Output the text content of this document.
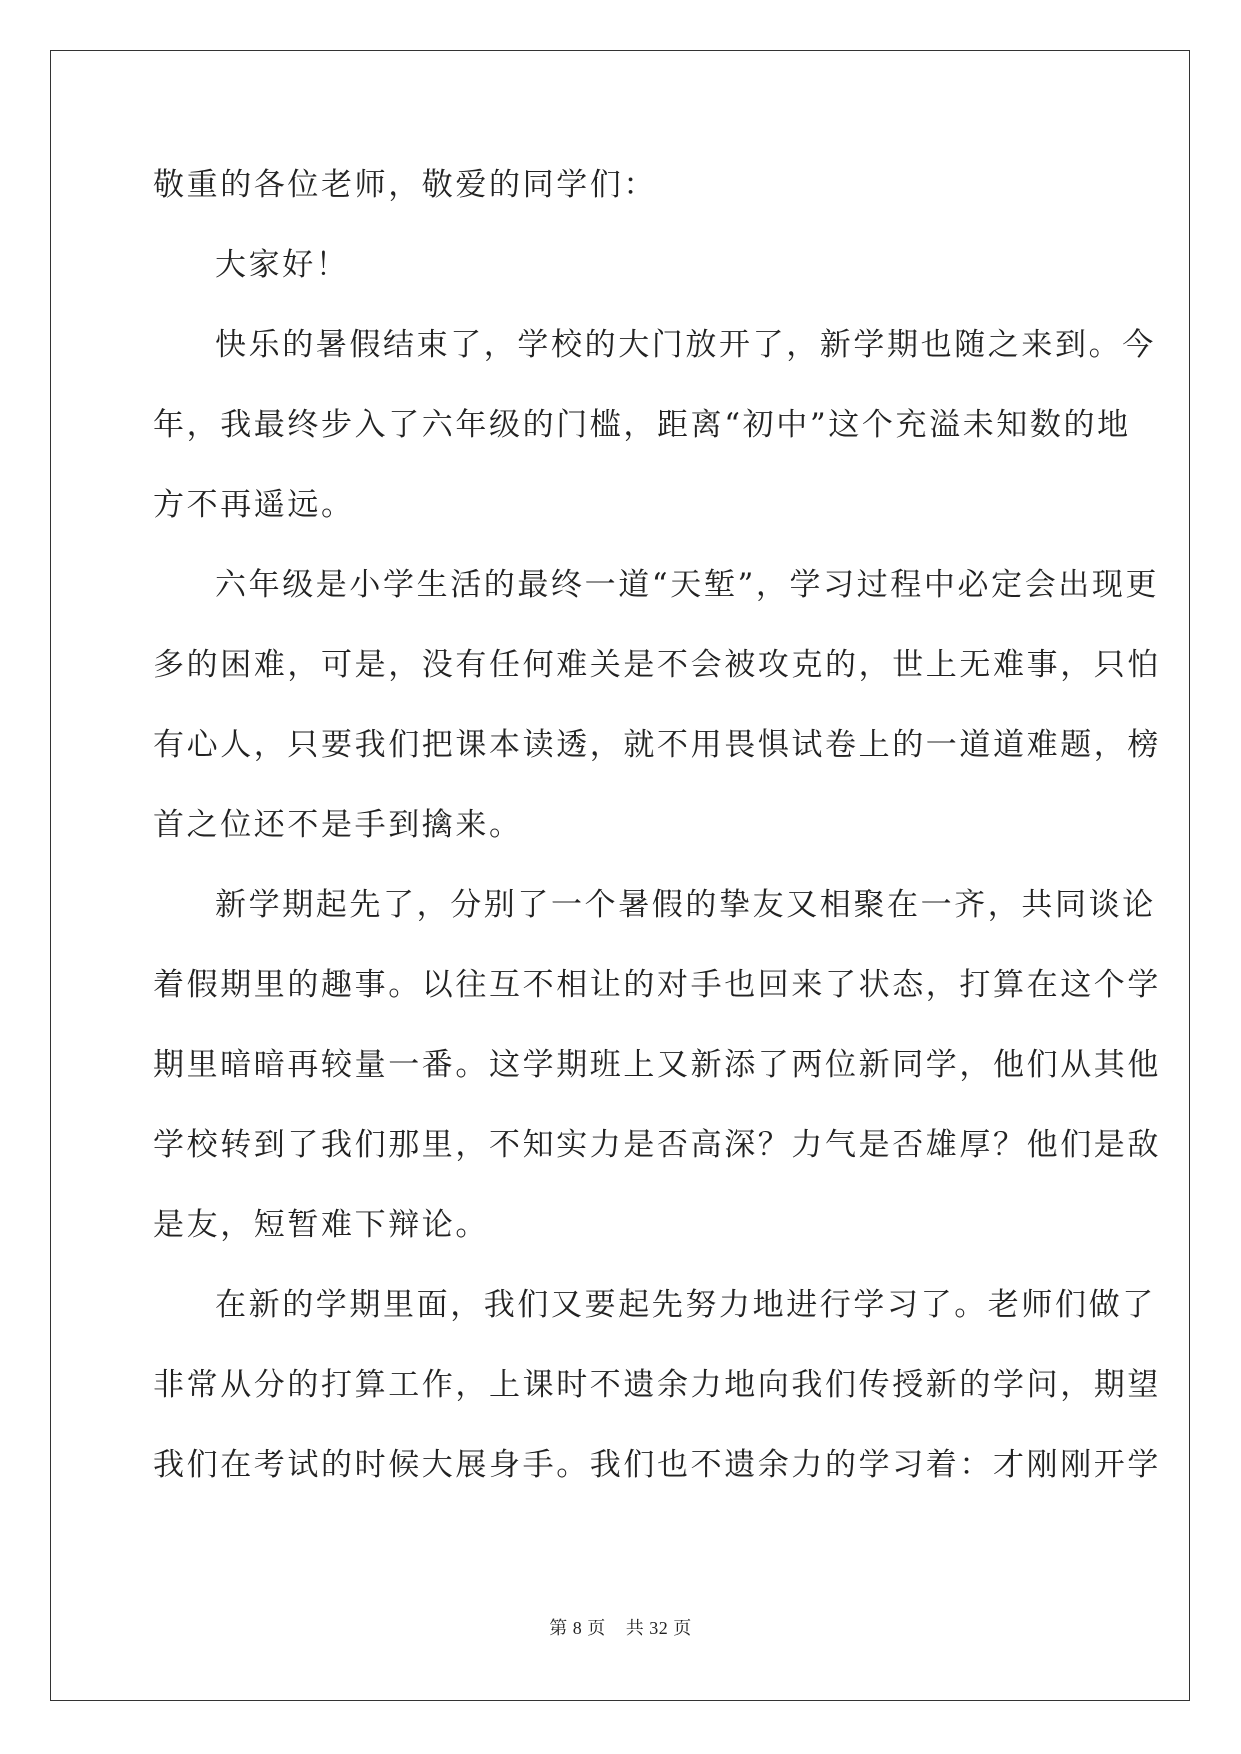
敬重的各位老师，敬爱的同学们：
大家好！
快乐的暑假结束了，学校的大门放开了，新学期也随之来到。今
年，我最终步入了六年级的门槛，距离“初中”这个充溢未知数的地
方不再遥远。
六年级是小学生活的最终一道“天堑”，学习过程中必定会出现更
多的困难，可是，没有任何难关是不会被攻克的，世上无难事，只怕
有心人，只要我们把课本读透，就不用畏惧试卷上的一道道难题，榜
首之位还不是手到擒来。
新学期起先了，分别了一个暑假的挚友又相聚在一齐，共同谈论
着假期里的趣事。以往互不相让的对手也回来了状态，打算在这个学
期里暗暗再较量一番。这学期班上又新添了两位新同学，他们从其他
学校转到了我们那里，不知实力是否高深？力气是否雄厚？他们是敌
是友，短暂难下辩论。
在新的学期里面，我们又要起先努力地进行学习了。老师们做了
非常从分的打算工作，上课时不遗余力地向我们传授新的学问，期望
我们在考试的时候大展身手。我们也不遗余力的学习着：才刚刚开学
第 8 页 共 32 页
